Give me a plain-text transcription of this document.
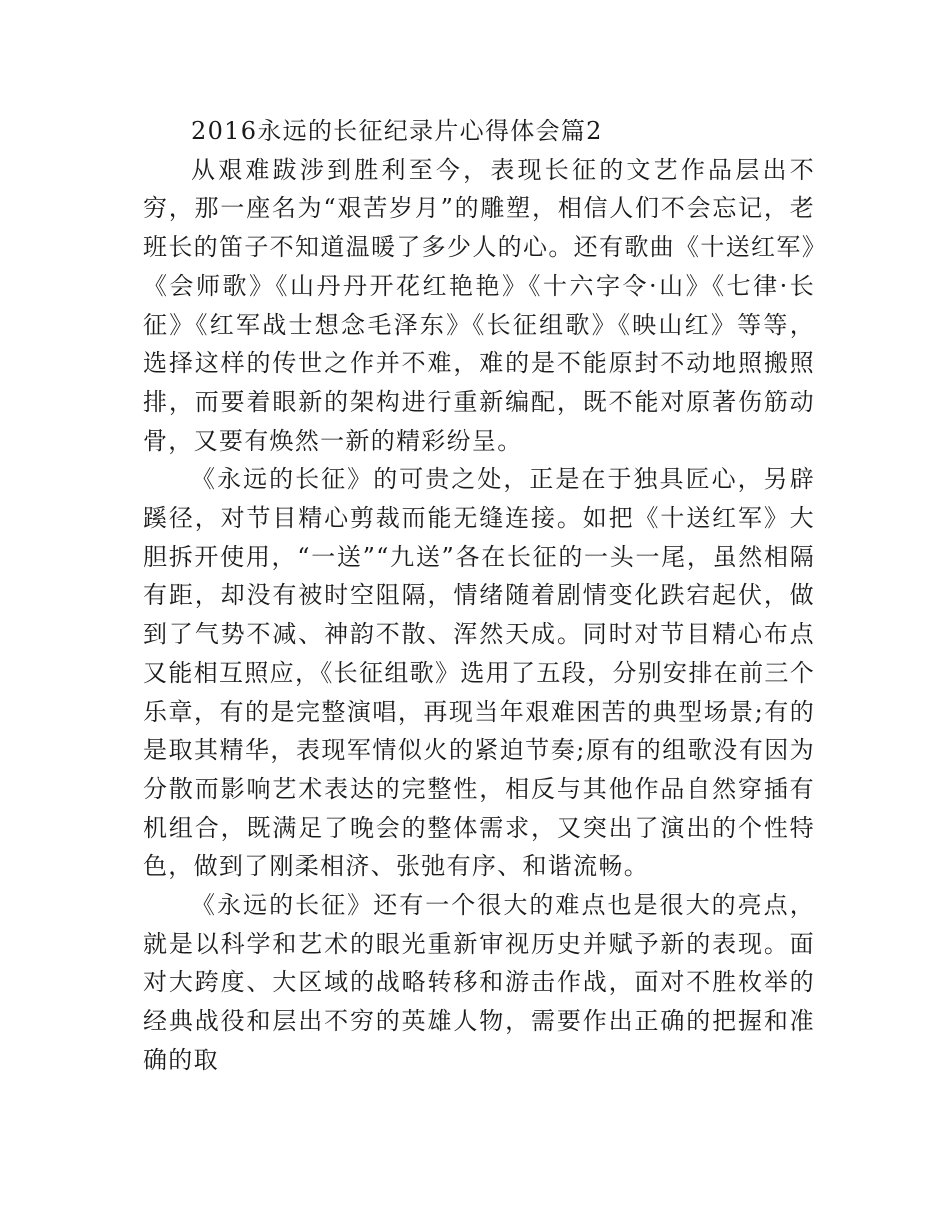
2016永远的长征纪录片心得体会篇2

从艰难跋涉到胜利至今，表现长征的文艺作品层出不穷，那一座名为“艰苦岁月”的雕塑，相信人们不会忘记，老班长的笛子不知道温暖了多少人的心。还有歌曲《十送红军》《会师歌》《山丹丹开花红艳艳》《十六字令·山》《七律·长征》《红军战士想念毛泽东》《长征组歌》《映山红》等等，选择这样的传世之作并不难，难的是不能原封不动地照搬照排，而要着眼新的架构进行重新编配，既不能对原著伤筋动骨，又要有焕然一新的精彩纷呈。

《永远的长征》的可贵之处，正是在于独具匠心，另辟蹊径，对节目精心剪裁而能无缝连接。如把《十送红军》大胆拆开使用，“一送”“九送”各在长征的一头一尾，虽然相隔有距，却没有被时空阻隔，情绪随着剧情变化跌宕起伏，做到了气势不减、神韵不散、浑然天成。同时对节目精心布点又能相互照应，《长征组歌》选用了五段，分别安排在前三个乐章，有的是完整演唱，再现当年艰难困苦的典型场景;有的是取其精华，表现军情似火的紧迫节奏;原有的组歌没有因为分散而影响艺术表达的完整性，相反与其他作品自然穿插有机组合，既满足了晚会的整体需求，又突出了演出的个性特色，做到了刚柔相济、张弛有序、和谐流畅。

《永远的长征》还有一个很大的难点也是很大的亮点，就是以科学和艺术的眼光重新审视历史并赋予新的表现。面对大跨度、大区域的战略转移和游击作战，面对不胜枚举的经典战役和层出不穷的英雄人物，需要作出正确的把握和准确的取
